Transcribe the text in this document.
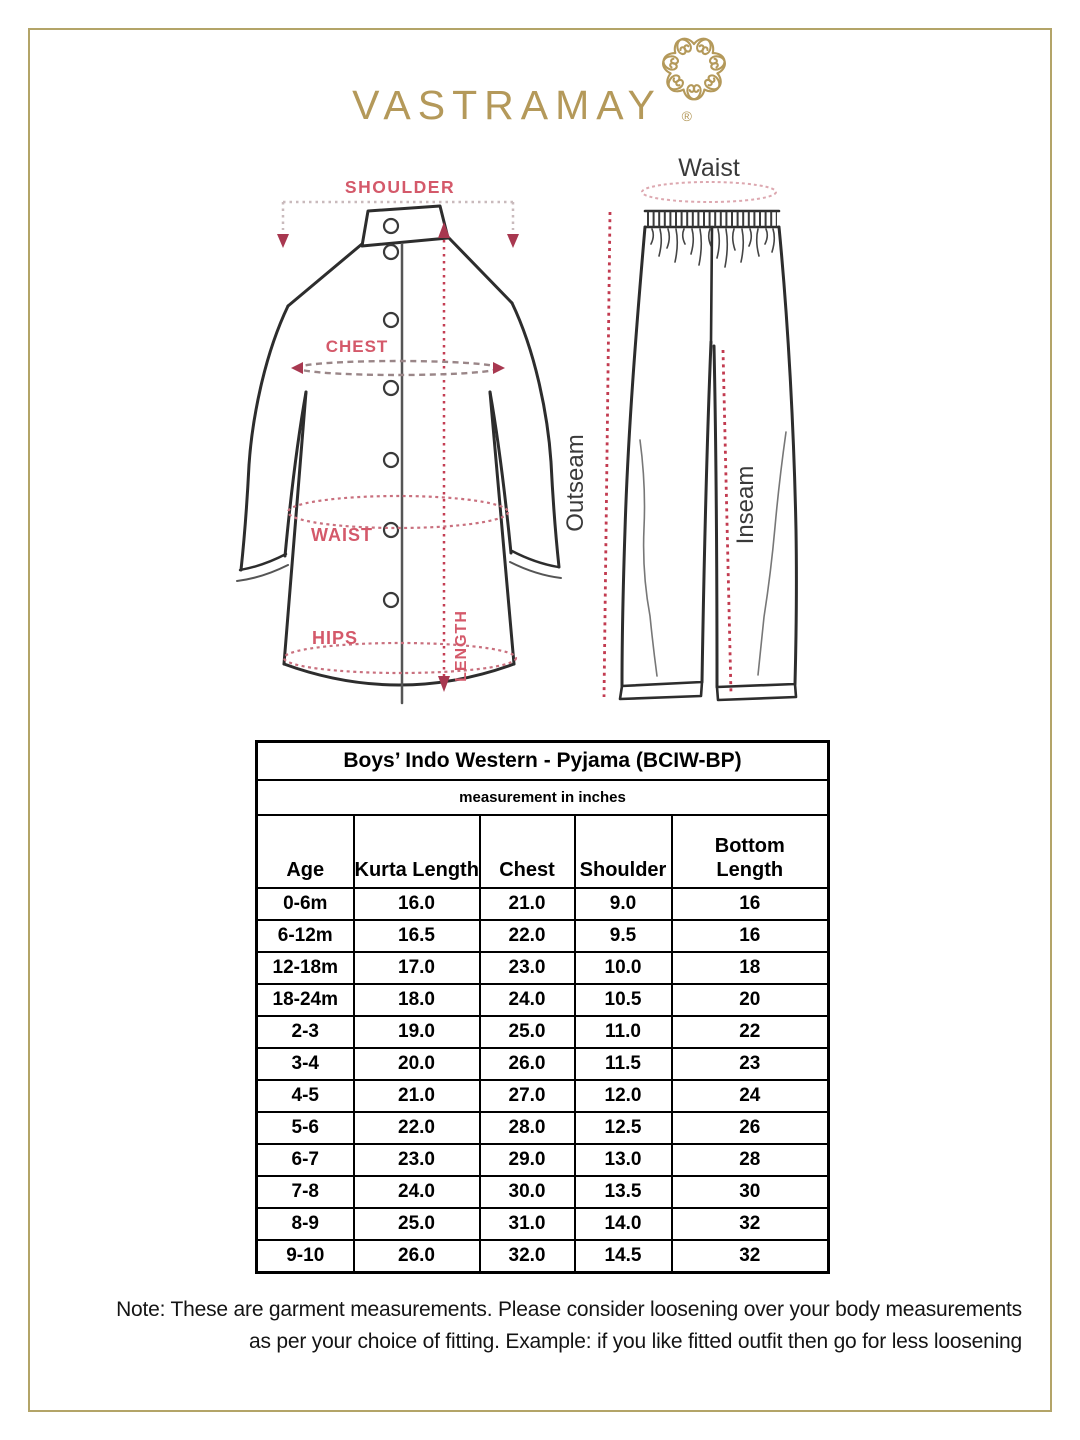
VASTRAMAY ®
SHOULDER
CHEST
WAIST
HIPS	LENGTH
Waist
Outseam	Inseam
Boys’ Indo Western - Pyjama (BCIW-BP)				
measurement in inches				
Age	Kurta Length	Chest	Shoulder	Bottom Length
0-6m	16.0	21.0	9.0	16
6-12m	16.5	22.0	9.5	16
12-18m	17.0	23.0	10.0	18
18-24m	18.0	24.0	10.5	20
2-3	19.0	25.0	11.0	22
3-4	20.0	26.0	11.5	23
4-5	21.0	27.0	12.0	24
5-6	22.0	28.0	12.5	26
6-7	23.0	29.0	13.0	28
7-8	24.0	30.0	13.5	30
8-9	25.0	31.0	14.0	32
9-10	26.0	32.0	14.5	32
Note: These are garment measurements. Please consider loosening over your body measurements
as per your choice of fitting. Example: if you like fitted outfit then go for less loosening
